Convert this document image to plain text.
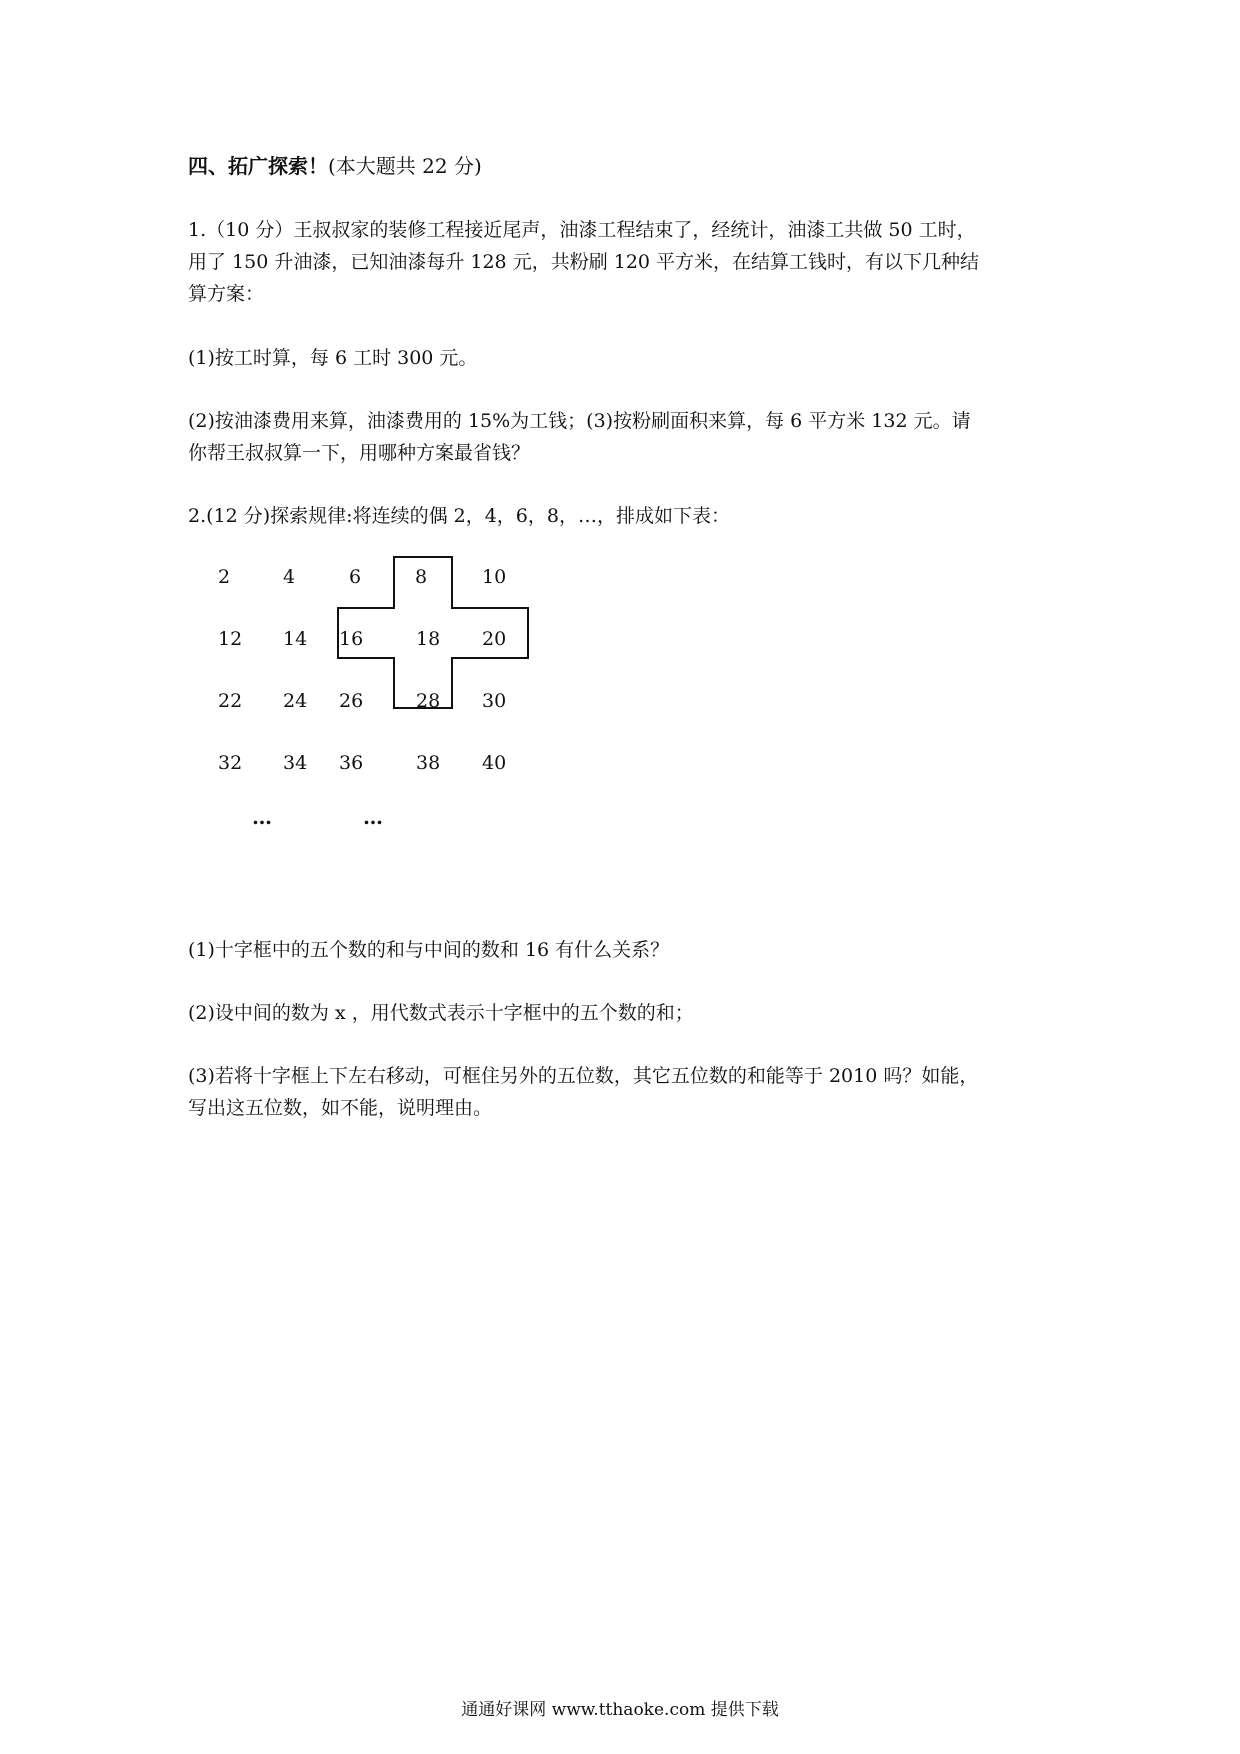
四、拓广探索！(本大题共 22 分)
1.（10 分）王叔叔家的装修工程接近尾声，油漆工程结束了，经统计，油漆工共做 50 工时，
用了 150 升油漆，已知油漆每升 128 元，共粉刷 120 平方米，在结算工钱时，有以下几种结
算方案：
(1)按工时算，每 6 工时 300 元。
(2)按油漆费用来算，油漆费用的 15%为工钱；(3)按粉刷面积来算，每 6 平方米 132 元。请
你帮王叔叔算一下，用哪种方案最省钱？
2.(12 分)探索规律:将连续的偶 2，4，6，8，…，排成如下表：
2	4	6	8	10
12 14 16	18 20
22 24 26	28 30
32 34 36	38 40
…	…
(1)十字框中的五个数的和与中间的数和 16 有什么关系？
(2)设中间的数为 x ，用代数式表示十字框中的五个数的和；
(3)若将十字框上下左右移动，可框住另外的五位数，其它五位数的和能等于 2010 吗？如能，
写出这五位数，如不能，说明理由。
通通好课网 www.tthaoke.com 提供下载
